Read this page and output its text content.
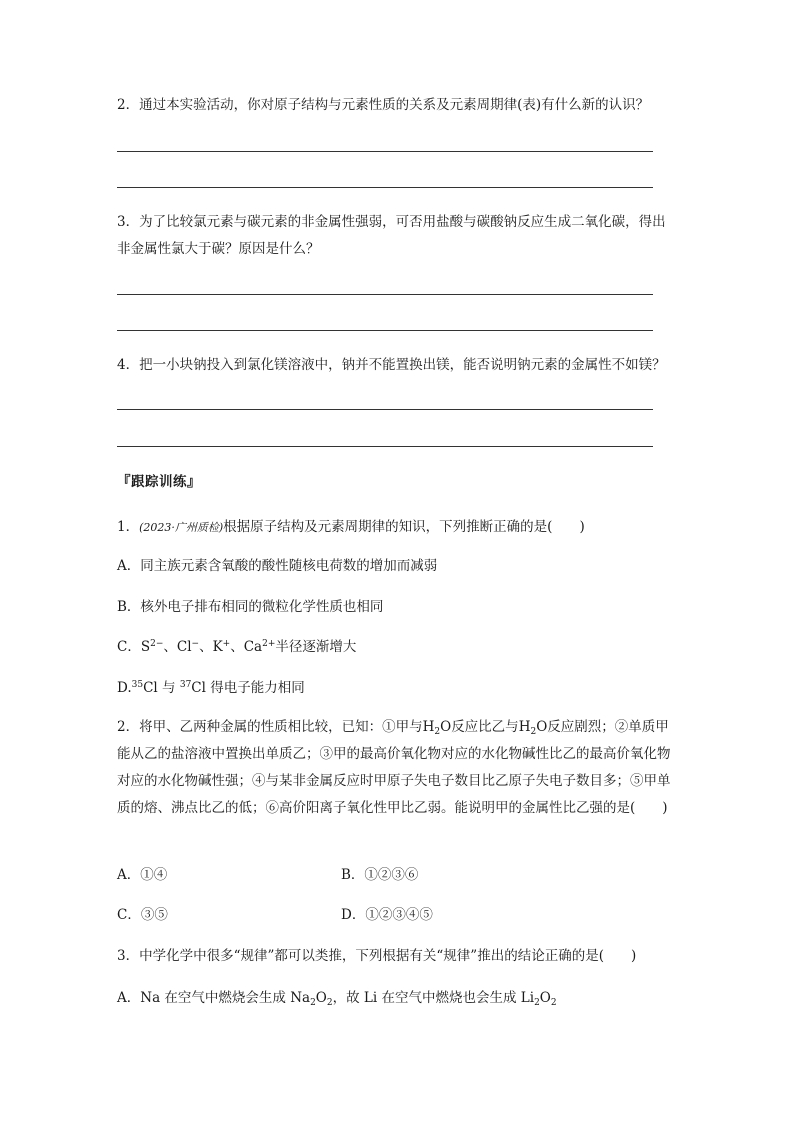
2．通过本实验活动，你对原子结构与元素性质的关系及元素周期律(表)有什么新的认识？
3．为了比较氯元素与碳元素的非金属性强弱，可否用盐酸与碳酸钠反应生成二氧化碳，得出
非金属性氯大于碳？原因是什么？
4．把一小块钠投入到氯化镁溶液中，钠并不能置换出镁，能否说明钠元素的金属性不如镁？
『跟踪训练』
1．(2023·广州质检)根据原子结构及元素周期律的知识，下列推断正确的是(　　)
A．同主族元素含氧酸的酸性随核电荷数的增加而减弱
B．核外电子排布相同的微粒化学性质也相同
C．$S^{2-}$、Cl−、K+、$Ca^{2+}$半径逐渐增大
D.$^{35}$Cl 与 $^{37}$Cl 得电子能力相同
2．将甲、乙两种金属的性质相比较，已知：①甲与$H_2O$反应比乙与$H_2O$反应剧烈；②单质甲能从乙的盐溶液中置换出单质乙；③甲的最高价氧化物对应的水化物碱性比乙的最高价氧化物对应的水化物碱性强；④与某非金属反应时甲原子失电子数目比乙原子失电子数目多；⑤甲单质的熔、沸点比乙的低；⑥高价阳离子氧化性甲比乙弱。能说明甲的金属性比乙强的是(　　)
A．①④	B．①②③⑥
C．③⑤	D．①②③④⑤
3．中学化学中很多“规律”都可以类推，下列根据有关“规律”推出的结论正确的是(　　)
A．Na 在空气中燃烧会生成 $Na_2O_2$，故 Li 在空气中燃烧也会生成 $Li_2O_2$
